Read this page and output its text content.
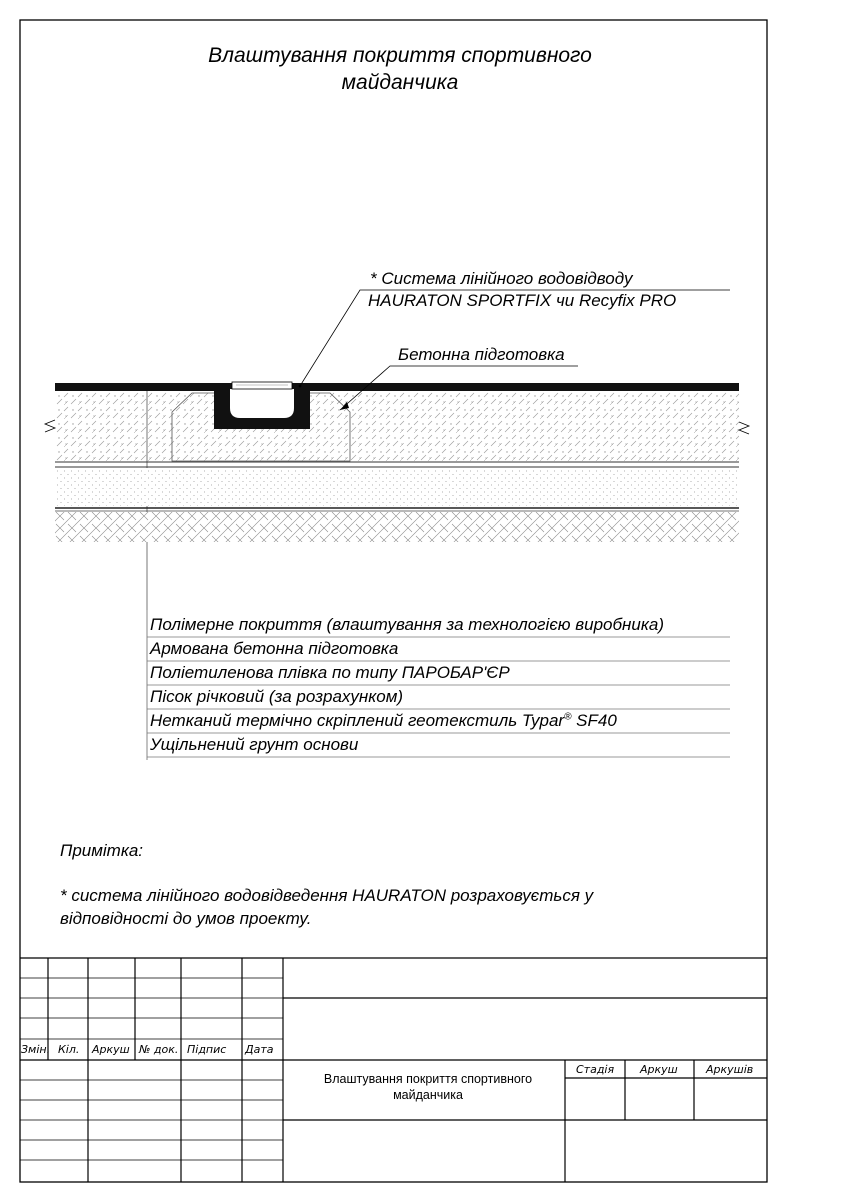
Влаштування покриття спортивного
майданчика
* Система лінійного водовідводу
HAURATON SPORTFIX чи Recyfix PRO
Бетонна підготовка
Полімерне покриття (влаштування за технологією виробника)
Армована бетонна підготовка
Поліетиленова плівка по типу ПАРОБАР'ЄР
Пісок річковий (за розрахунком)
Нетканий термічно скріплений геотекстиль Typar® SF40
Ущільнений грунт основи
Примітка:
* система лінійного водовідведення HAURATON розраховується у
відповідності до умов проекту.
Змін. Кіл. Аркуш № док. Підпис Дата
Влаштування покриття спортивного
майданчика
Стадія Аркуш	Аркушів
